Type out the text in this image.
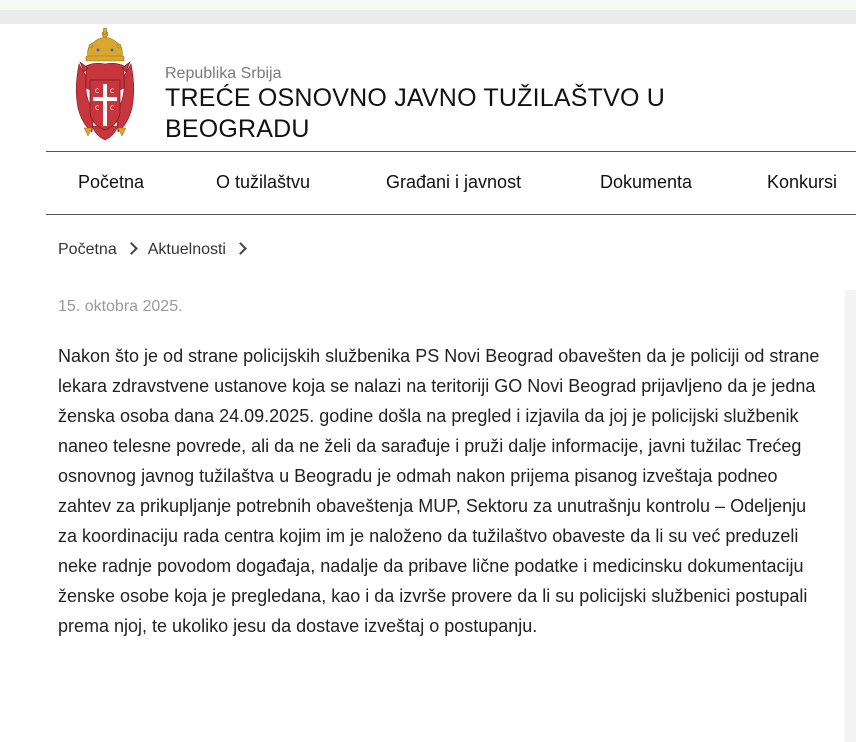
С С
С С
Republika Srbija
TREĆE OSNOVNO JAVNO TUŽILAŠTVO U BEOGRADU
Početna	O tužilaštvu	Građani i javnost	Dokumenta	Konkursi
Početna Aktuelnosti
15. oktobra 2025.

Nakon što je od strane policijskih službenika PS Novi Beograd obavešten da je policiji od strane lekara zdravstvene ustanove koja se nalazi na teritoriji GO Novi Beograd prijavljeno da je jedna ženska osoba dana 24.09.2025. godine došla na pregled i izjavila da joj je policijski službenik naneo telesne povrede, ali da ne želi da sarađuje i pruži dalje informacije, javni tužilac Trećeg osnovnog javnog tužilaštva u Beogradu je odmah nakon prijema pisanog izveštaja podneo zahtev za prikupljanje potrebnih obaveštenja MUP, Sektoru za unutrašnju kontrolu – Odeljenju za koordinaciju rada centra kojim im je naloženo da tužilaštvo obaveste da li su već preduzeli neke radnje povodom događaja, nadalje da pribave lične podatke i medicinsku dokumentaciju ženske osobe koja je pregledana, kao i da izvrše provere da li su policijski službenici postupali prema njoj, te ukoliko jesu da dostave izveštaj o postupanju.
